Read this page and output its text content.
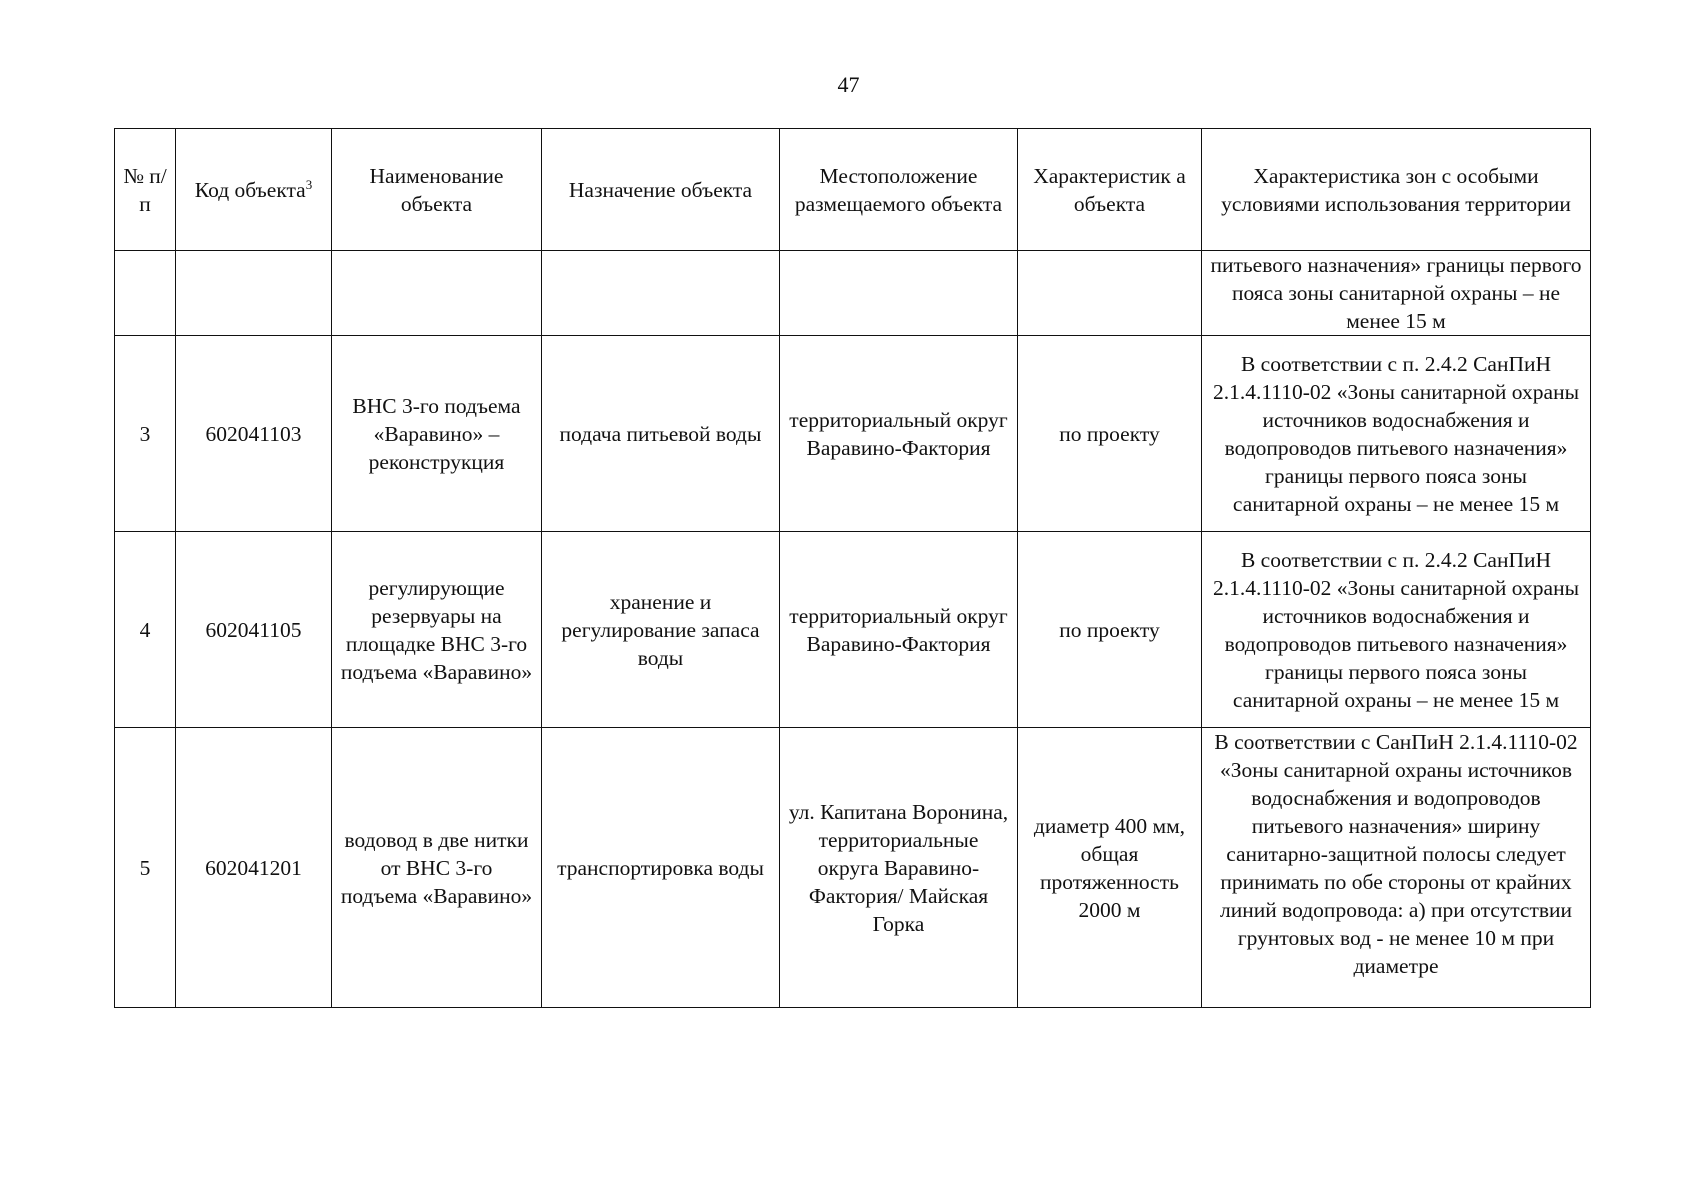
47
№ п/п	Код объекта$^3$	Наименование объекта	Назначение объекта	Местоположение размещаемого объекта	Характеристик а объекта	Характеристика зон с особыми условиями использования территории
						питьевого назначения» границы первого пояса зоны санитарной охраны – не менее 15 м
3	602041103	ВНС 3-го подъема «Варавино» – реконструкция	подача питьевой воды	территориальный округ Варавино-Фактория	по проекту	В соответствии с п. 2.4.2 СанПиН 2.1.4.1110-02 «Зоны санитарной охраны источников водоснабжения и водопроводов питьевого назначения» границы первого пояса зоны санитарной охраны – не менее 15 м
4	602041105	регулирующие резервуары на площадке ВНС 3-го подъема «Варавино»	хранение и регулирование запаса воды	территориальный округ Варавино-Фактория	по проекту	В соответствии с п. 2.4.2 СанПиН 2.1.4.1110-02 «Зоны санитарной охраны источников водоснабжения и водопроводов питьевого назначения» границы первого пояса зоны санитарной охраны – не менее 15 м
5	602041201	водовод в две нитки от ВНС 3-го подъема «Варавино»	транспортировка воды	ул. Капитана Воронина, территориальные округа Варавино-Фактория/ Майская Горка	диаметр 400 мм, общая протяженность 2000 м	В соответствии с СанПиН 2.1.4.1110-02 «Зоны санитарной охраны источников водоснабжения и водопроводов питьевого назначения» ширину санитарно-защитной полосы следует принимать по обе стороны от крайних линий водопровода: а) при отсутствии грунтовых вод - не менее 10 м при диаметре
